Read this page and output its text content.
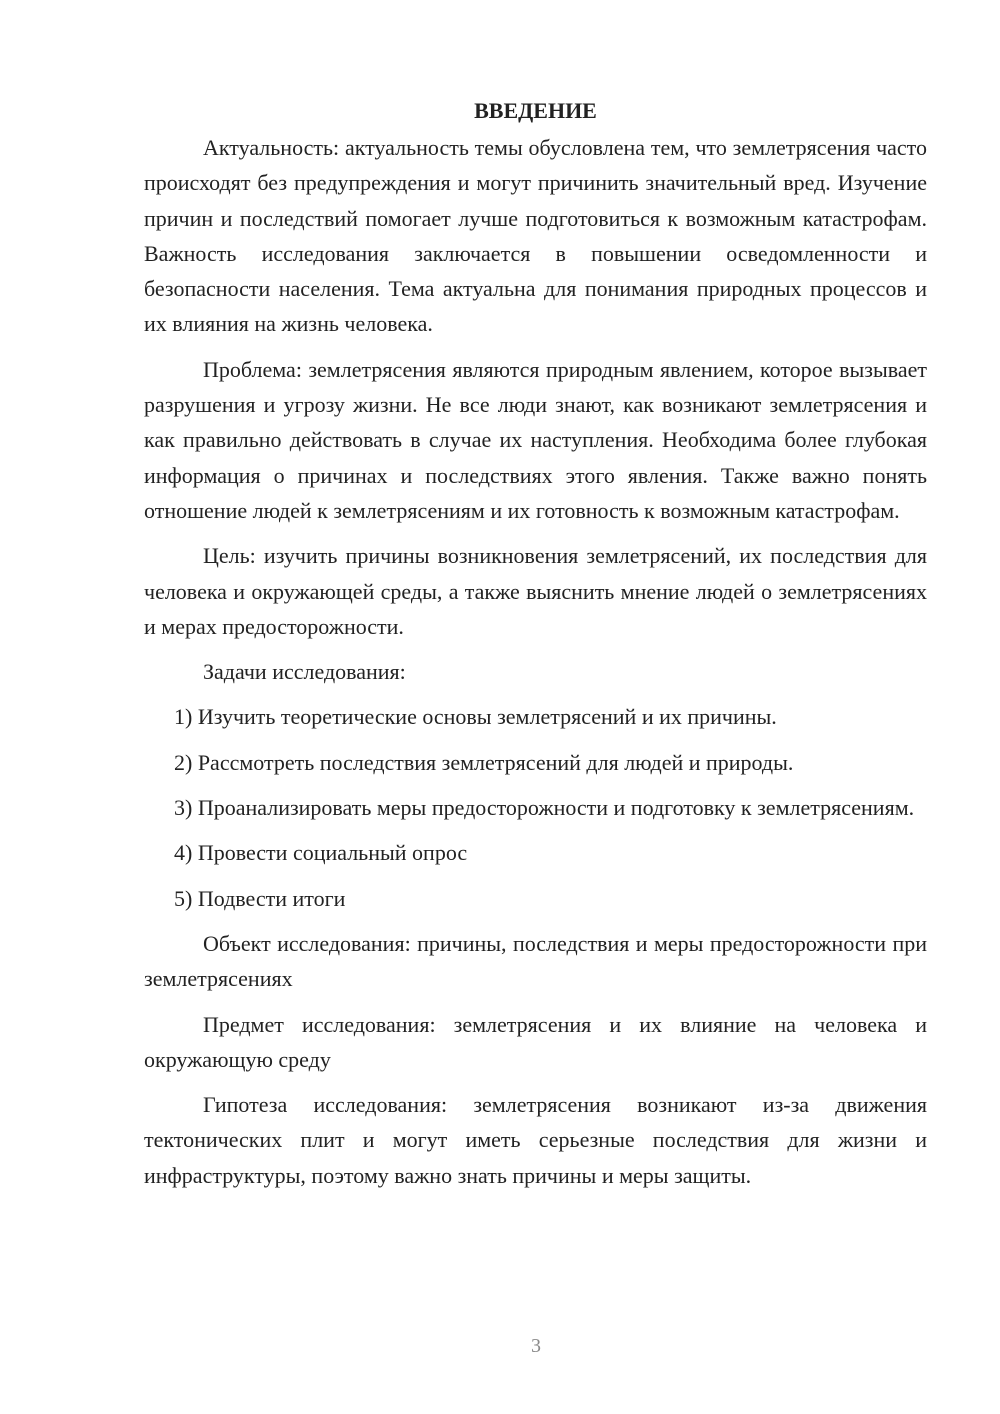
ВВЕДЕНИЕ

Актуальность: актуальность темы обусловлена тем, что землетрясения часто происходят без предупреждения и могут причинить значительный вред. Изучение причин и последствий помогает лучше подготовиться к возможным катастрофам. Важность исследования заключается в повышении осведомленности и безопасности населения. Тема актуальна для понимания природных процессов и их влияния на жизнь человека.

Проблема: землетрясения являются природным явлением, которое вызывает разрушения и угрозу жизни. Не все люди знают, как возникают землетрясения и как правильно действовать в случае их наступления. Необходима более глубокая информация о причинах и последствиях этого явления. Также важно понять отношение людей к землетрясениям и их готовность к возможным катастрофам.

Цель: изучить причины возникновения землетрясений, их последствия для человека и окружающей среды, а также выяснить мнение людей о землетрясениях и мерах предосторожности.

Задачи исследования:

1) Изучить теоретические основы землетрясений и их причины.

2) Рассмотреть последствия землетрясений для людей и природы.

3) Проанализировать меры предосторожности и подготовку к землетрясениям.

4) Провести социальный опрос

5) Подвести итоги

Объект исследования: причины, последствия и меры предосторожности при землетрясениях

Предмет исследования: землетрясения и их влияние на человека и окружающую среду

Гипотеза исследования: землетрясения возникают из-за движения тектонических плит и могут иметь серьезные последствия для жизни и инфраструктуры, поэтому важно знать причины и меры защиты.

3
